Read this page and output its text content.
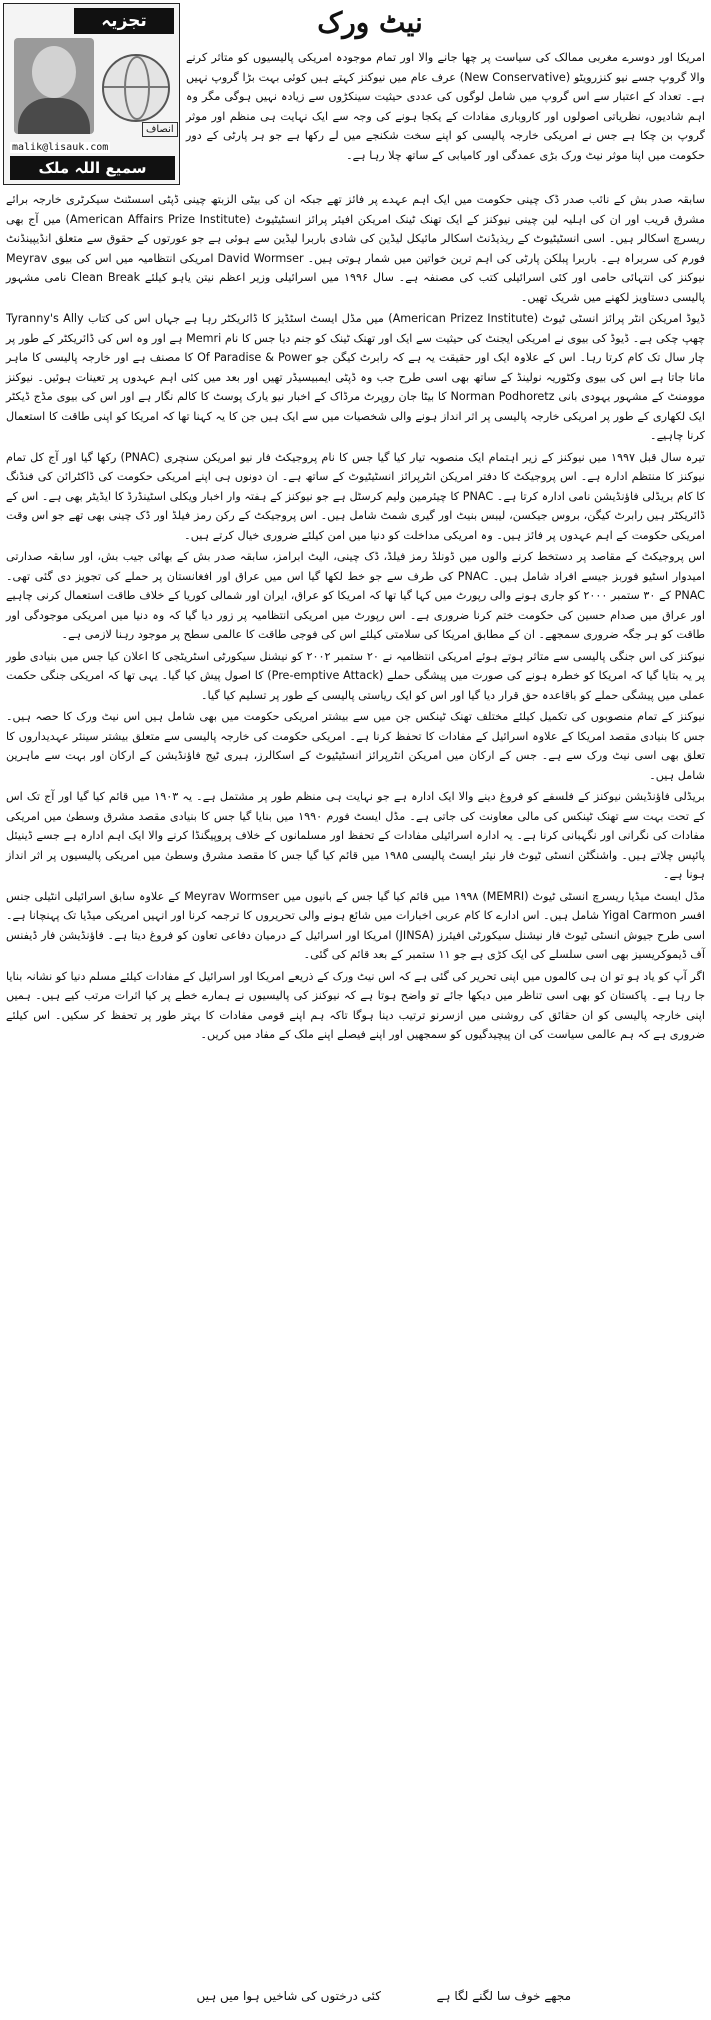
تجزیہ
انصاف
malik@lisauk.com
سمیع اللہ ملک
نیٹ ورک

امریکا اور دوسرے مغربی ممالک کی سیاست پر چھا جانے والا اور تمام موجودہ امریکی پالیسیوں کو متاثر کرنے والا گروپ جسے نیو کنزرویٹو (New Conservative) عرف عام میں نیوکنز کہتے ہیں کوئی بہت بڑا گروپ نہیں ہے۔ تعداد کے اعتبار سے اس گروپ میں شامل لوگوں کی عددی حیثیت سینکڑوں سے زیادہ نہیں ہوگی مگر وہ اہم شادیوں، نظریاتی اصولوں اور کاروباری مفادات کے یکجا ہونے کی وجہ سے ایک نہایت ہی منظم اور موثر گروپ بن چکا ہے جس نے امریکی خارجہ پالیسی کو اپنے سخت شکنجے میں لے رکھا ہے جو ہر پارٹی کے دور حکومت میں اپنا موثر نیٹ ورک بڑی عمدگی اور کامیابی کے ساتھ چلا رہا ہے۔

سابقہ صدر بش کے نائب صدر ڈک چینی حکومت میں ایک اہم عہدے پر فائز تھے جبکہ ان کی بیٹی الزبتھ چینی ڈپٹی اسسٹنٹ سیکرٹری خارجہ برائے مشرق قریب اور ان کی اہلیہ لین چینی نیوکنز کے ایک تھنک ٹینک امریکن افیئر پرائز انسٹیٹیوٹ (American Affairs Prize Institute) میں آج بھی ریسرچ اسکالر ہیں۔ اسی انسٹیٹیوٹ کے ریذیڈنٹ اسکالر مائیکل لیڈین کی شادی باربرا لیڈین سے ہوئی ہے جو عورتوں کے حقوق سے متعلق انڈیپینڈنٹ فورم کی سربراہ ہے۔ باربرا پبلکن پارٹی کی اہم ترین خواتین میں شمار ہوتی ہیں۔ David Wormser امریکی انتظامیہ میں اس کی بیوی Meyrav نیوکنز کی انتہائی حامی اور کئی اسرائیلی کتب کی مصنفہ ہے۔ سال ۱۹۹۶ میں اسرائیلی وزیر اعظم نیتن یاہو کیلئے Clean Break نامی مشہور پالیسی دستاویز لکھنے میں شریک تھیں۔

ڈیوڈ امریکن انٹر پرائز انسٹی ٹیوٹ (American Prizez Institute) میں مڈل ایسٹ اسٹڈیز کا ڈائریکٹر رہا ہے جہاں اس کی کتاب Tyranny's Ally چھپ چکی ہے۔ ڈیوڈ کی بیوی نے امریکی ایجنٹ کی حیثیت سے ایک اور تھنک ٹینک کو جنم دیا جس کا نام Memri ہے اور وہ اس کی ڈائریکٹر کے طور پر چار سال تک کام کرتا رہا۔ اس کے علاوہ ایک اور حقیقت یہ ہے کہ رابرٹ کیگن جو Of Paradise & Power کا مصنف ہے اور خارجہ پالیسی کا ماہر مانا جاتا ہے اس کی بیوی وکٹوریہ نولینڈ کے ساتھ بھی اسی طرح جب وہ ڈپٹی ایمبیسیڈر تھیں اور بعد میں کئی اہم عہدوں پر تعینات ہوئیں۔ نیوکنز موومنٹ کے مشہور یہودی بانی Norman Podhoretz کا بیٹا جان روپرٹ مرڈاک کے اخبار نیو یارک پوسٹ کا کالم نگار ہے اور اس کی بیوی مڈج ڈیکٹر ایک لکھاری کے طور پر امریکی خارجہ پالیسی پر اثر انداز ہونے والی شخصیات میں سے ایک ہیں جن کا یہ کہنا تھا کہ امریکا کو اپنی طاقت کا استعمال کرنا چاہیے۔

تیرہ سال قبل ۱۹۹۷ میں نیوکنز کے زیر اہتمام ایک منصوبہ تیار کیا گیا جس کا نام پروجیکٹ فار نیو امریکن سنچری (PNAC) رکھا گیا اور آج کل تمام نیوکنز کا منتظم ادارہ ہے۔ اس پروجیکٹ کا دفتر امریکن انٹرپرائز انسٹیٹیوٹ کے ساتھ ہے۔ ان دونوں ہی اپنے امریکی حکومت کی ڈاکٹرائن کی فنڈنگ کا کام بریڈلی فاؤنڈیشن نامی ادارہ کرتا ہے۔ PNAC کا چیئرمین ولیم کرسٹل ہے جو نیوکنز کے ہفتہ وار اخبار ویکلی اسٹینڈرڈ کا ایڈیٹر بھی ہے۔ اس کے ڈائریکٹر ہیں رابرٹ کیگن، بروس جیکسن، لیبس بنیٹ اور گیری شمٹ شامل ہیں۔ اس پروجیکٹ کے رکن رمز فیلڈ اور ڈک چینی بھی تھے جو اس وقت امریکی حکومت کے اہم عہدوں پر فائز ہیں۔ وہ امریکی مداخلت کو دنیا میں امن کیلئے ضروری خیال کرتے ہیں۔

اس پروجیکٹ کے مقاصد پر دستخط کرنے والوں میں ڈونلڈ رمز فیلڈ، ڈک چینی، الیٹ ابرامز، سابقہ صدر بش کے بھائی جیب بش، اور سابقہ صدارتی امیدوار اسٹیو فوربز جیسے افراد شامل ہیں۔ PNAC کی طرف سے جو خط لکھا گیا اس میں عراق اور افغانستان پر حملے کی تجویز دی گئی تھی۔ PNAC کے ۳۰ ستمبر ۲۰۰۰ کو جاری ہونے والی رپورٹ میں کہا گیا تھا کہ امریکا کو عراق، ایران اور شمالی کوریا کے خلاف طاقت استعمال کرنی چاہیے اور عراق میں صدام حسین کی حکومت ختم کرنا ضروری ہے۔ اس رپورٹ میں امریکی انتظامیہ پر زور دیا گیا کہ وہ دنیا میں امریکی موجودگی اور طاقت کو ہر جگہ ضروری سمجھے۔ ان کے مطابق امریکا کی سلامتی کیلئے اس کی فوجی طاقت کا عالمی سطح پر موجود رہنا لازمی ہے۔

نیوکنز کی اس جنگی پالیسی سے متاثر ہوتے ہوئے امریکی انتظامیہ نے ۲۰ ستمبر ۲۰۰۲ کو نیشنل سیکورٹی اسٹریٹجی کا اعلان کیا جس میں بنیادی طور پر یہ بتایا گیا کہ امریکا کو خطرہ ہونے کی صورت میں پیشگی حملے (Pre-emptive Attack) کا اصول پیش کیا گیا۔ یہی تھا کہ امریکی جنگی حکمت عملی میں پیشگی حملے کو باقاعدہ حق قرار دیا گیا اور اس کو ایک ریاستی پالیسی کے طور پر تسلیم کیا گیا۔

نیوکنز کے تمام منصوبوں کی تکمیل کیلئے مختلف تھنک ٹینکس جن میں سے بیشتر امریکی حکومت میں بھی شامل ہیں اس نیٹ ورک کا حصہ ہیں۔ جس کا بنیادی مقصد امریکا کے علاوہ اسرائیل کے مفادات کا تحفظ کرنا ہے۔ امریکی حکومت کی خارجہ پالیسی سے متعلق بیشتر سینئر عہدیداروں کا تعلق بھی اسی نیٹ ورک سے ہے۔ جس کے ارکان میں امریکن انٹرپرائز انسٹیٹیوٹ کے اسکالرز، ہیری ٹیج فاؤنڈیشن کے ارکان اور بہت سے ماہرین شامل ہیں۔

بریڈلی فاؤنڈیشن نیوکنز کے فلسفے کو فروغ دینے والا ایک ادارہ ہے جو نہایت ہی منظم طور پر مشتمل ہے۔ یہ ۱۹۰۳ میں قائم کیا گیا اور آج تک اس کے تحت بہت سے تھنک ٹینکس کی مالی معاونت کی جاتی ہے۔ مڈل ایسٹ فورم ۱۹۹۰ میں بنایا گیا جس کا بنیادی مقصد مشرق وسطیٰ میں امریکی مفادات کی نگرانی اور نگہبانی کرنا ہے۔ یہ ادارہ اسرائیلی مفادات کے تحفظ اور مسلمانوں کے خلاف پروپیگنڈا کرنے والا ایک اہم ادارہ ہے جسے ڈینیئل پائپس چلاتے ہیں۔ واشنگٹن انسٹی ٹیوٹ فار نیئر ایسٹ پالیسی ۱۹۸۵ میں قائم کیا گیا جس کا مقصد مشرق وسطیٰ میں امریکی پالیسیوں پر اثر انداز ہونا ہے۔

مڈل ایسٹ میڈیا ریسرچ انسٹی ٹیوٹ (MEMRI) ۱۹۹۸ میں قائم کیا گیا جس کے بانیوں میں Meyrav Wormser کے علاوہ سابق اسرائیلی انٹیلی جنس افسر Yigal Carmon شامل ہیں۔ اس ادارے کا کام عربی اخبارات میں شائع ہونے والی تحریروں کا ترجمہ کرنا اور انہیں امریکی میڈیا تک پہنچانا ہے۔ اسی طرح جیوش انسٹی ٹیوٹ فار نیشنل سیکورٹی افیئرز (JINSA) امریکا اور اسرائیل کے درمیان دفاعی تعاون کو فروغ دیتا ہے۔ فاؤنڈیشن فار ڈیفنس آف ڈیموکریسیز بھی اسی سلسلے کی ایک کڑی ہے جو ۱۱ ستمبر کے بعد قائم کی گئی۔

اگر آپ کو یاد ہو تو ان ہی کالموں میں اپنی تحریر کی گئی ہے کہ اس نیٹ ورک کے ذریعے امریکا اور اسرائیل کے مفادات کیلئے مسلم دنیا کو نشانہ بنایا جا رہا ہے۔ پاکستان کو بھی اسی تناظر میں دیکھا جائے تو واضح ہوتا ہے کہ نیوکنز کی پالیسیوں نے ہمارے خطے پر کیا اثرات مرتب کیے ہیں۔ ہمیں اپنی خارجہ پالیسی کو ان حقائق کی روشنی میں ازسرنو ترتیب دینا ہوگا تاکہ ہم اپنے قومی مفادات کا بہتر طور پر تحفظ کر سکیں۔ اس کیلئے ضروری ہے کہ ہم عالمی سیاست کی ان پیچیدگیوں کو سمجھیں اور اپنے فیصلے اپنے ملک کے مفاد میں کریں۔

مجھے خوف سا لگنے لگا ہے
کئی درختوں کی شاخیں ہوا میں ہیں
